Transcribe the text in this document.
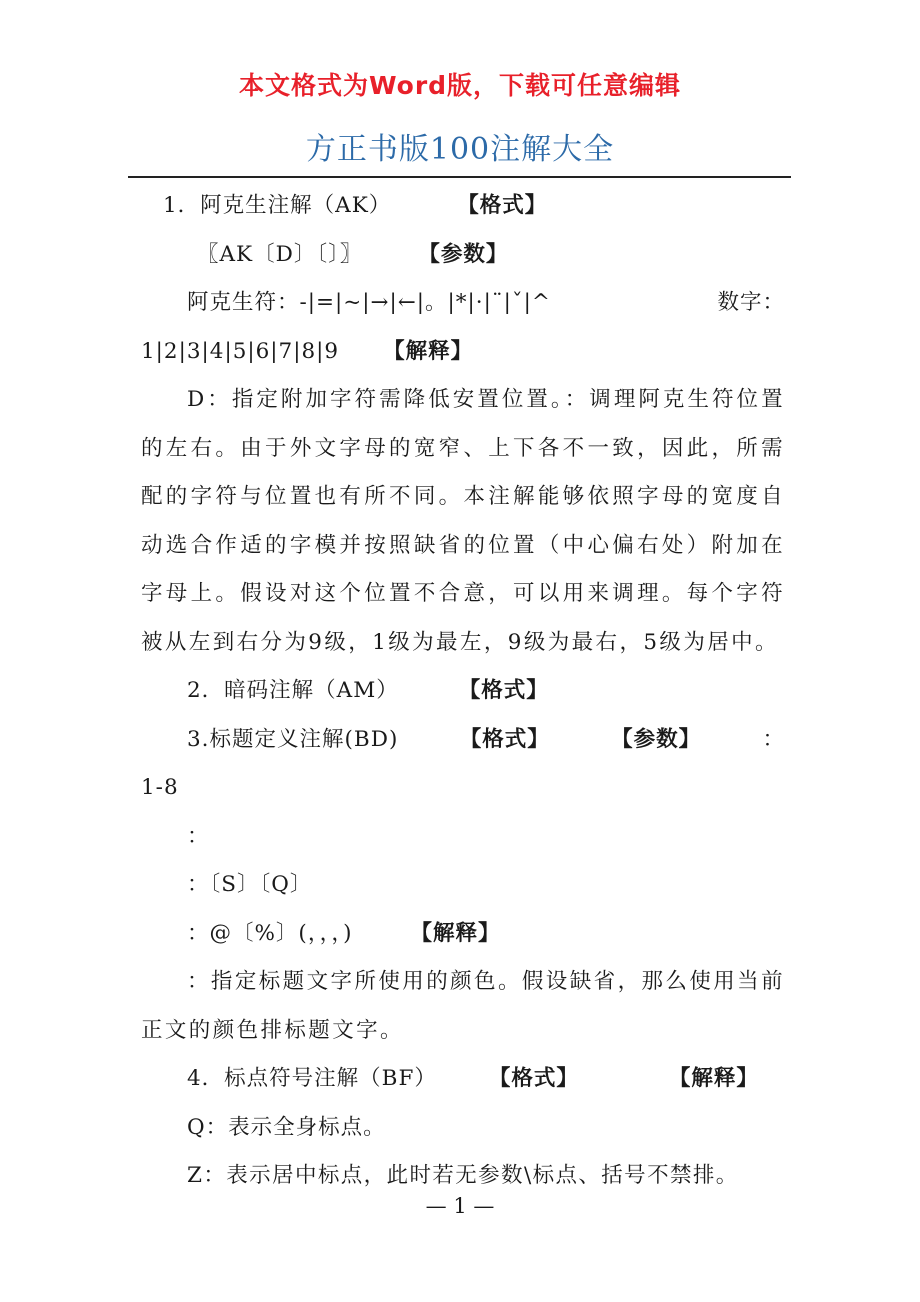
本文格式为Word版，下载可任意编辑
方正书版100注解大全
1．阿克生注解（AK）	【格式】
〖AK〔D〕〔〕〗	【参数】
阿克生符：-|=|~|→|←|。|*|·|¨|ˇ|^	数字：
1|2|3|4|5|6|7|8|9 【解释】

D：指定附加字符需降低安置位置。：调理阿克生符位置的左右。由于外文字母的宽窄、上下各不一致，因此，所需配的字符与位置也有所不同。本注解能够依照字母的宽度自动选合作适的字模并按照缺省的位置（中心偏右处）附加在字母上。假设对这个位置不合意，可以用来调理。每个字符被从左到右分为9级，1级为最左，9级为最右，5级为居中。

2．暗码注解（AM）	【格式】
3.标题定义注解(BD)	【格式】	【参数】	：
1-8
：
：〔S〕〔Q〕
：@〔%〕(，，，)	【解释】

：指定标题文字所使用的颜色。假设缺省，那么使用当前正文的颜色排标题文字。

4．标点符号注解（BF） 【格式】	【解释】
Q：表示全身标点。
Z：表示居中标点，此时若无参数\标点、括号不禁排。
— 1 —
